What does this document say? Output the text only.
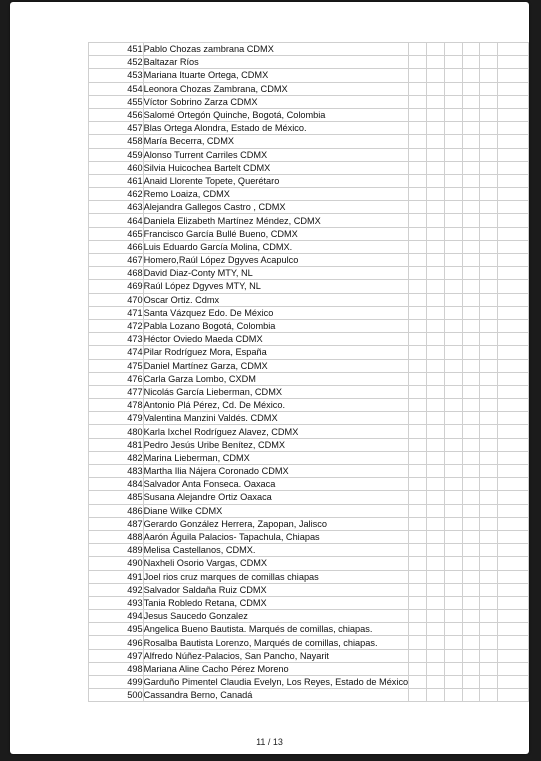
451	Pablo Chozas zambrana CDMX						
452	Baltazar Ríos						
453	Mariana Ituarte Ortega, CDMX						
454	Leonora Chozas Zambrana, CDMX						
455	Víctor Sobrino Zarza CDMX						
456	Salomé Ortegón Quinche, Bogotá, Colombia						
457	Blas Ortega Alondra, Estado de México.						
458	María Becerra, CDMX						
459	Alonso Turrent Carriles CDMX						
460	Silvia Huicochea Bartelt CDMX						
461	Anaid Llorente Topete, Querétaro						
462	Remo Loaiza, CDMX						
463	Alejandra Gallegos Castro , CDMX						
464	Daniela Elizabeth Martínez Méndez, CDMX						
465	Francisco García Bullé Bueno, CDMX						
466	Luis Eduardo García Molina, CDMX.						
467	Homero,Raúl López Dgyves Acapulco						
468	David Diaz-Conty MTY, NL						
469	Raúl López Dgyves MTY, NL						
470	Oscar Ortiz. Cdmx						
471	Santa Vázquez Edo. De México						
472	Pabla Lozano Bogotá, Colombia						
473	Héctor Oviedo Maeda CDMX						
474	Pilar Rodríguez Mora, España						
475	Daniel Martínez Garza, CDMX						
476	Carla Garza Lombo, CXDM						
477	Nicolás García Lieberman, CDMX						
478	Antonio Plá Pérez, Cd. De México.						
479	Valentina Manzini Valdés. CDMX						
480	Karla Ixchel Rodríguez Alavez, CDMX						
481	Pedro Jesús Uribe Benítez, CDMX						
482	Marina Lieberman, CDMX						
483	Martha Ilia Nájera Coronado CDMX						
484	Salvador Anta Fonseca. Oaxaca						
485	Susana Alejandre Ortiz Oaxaca						
486	Diane Wilke CDMX						
487	Gerardo González Herrera, Zapopan, Jalisco						
488	Aarón Águila Palacios- Tapachula, Chiapas						
489	Melisa Castellanos, CDMX.						
490	Naxheli Osorio Vargas, CDMX						
491	Joel rios cruz marques de comillas chiapas						
492	Salvador Saldaña Ruiz CDMX						
493	Tania Robledo Retana, CDMX						
494	Jesus Saucedo Gonzalez						
495	Angelica Bueno Bautista. Marqués de comillas, chiapas.						
496	Rosalba Bautista Lorenzo, Marqués de comillas, chiapas.						
497	Alfredo Núñez-Palacios, San Pancho, Nayarit						
498	Mariana Aline Cacho Pérez Moreno						
499	Garduño Pimentel Claudia Evelyn, Los Reyes, Estado de México						
500	Cassandra Berno, Canadá						
11 / 13
